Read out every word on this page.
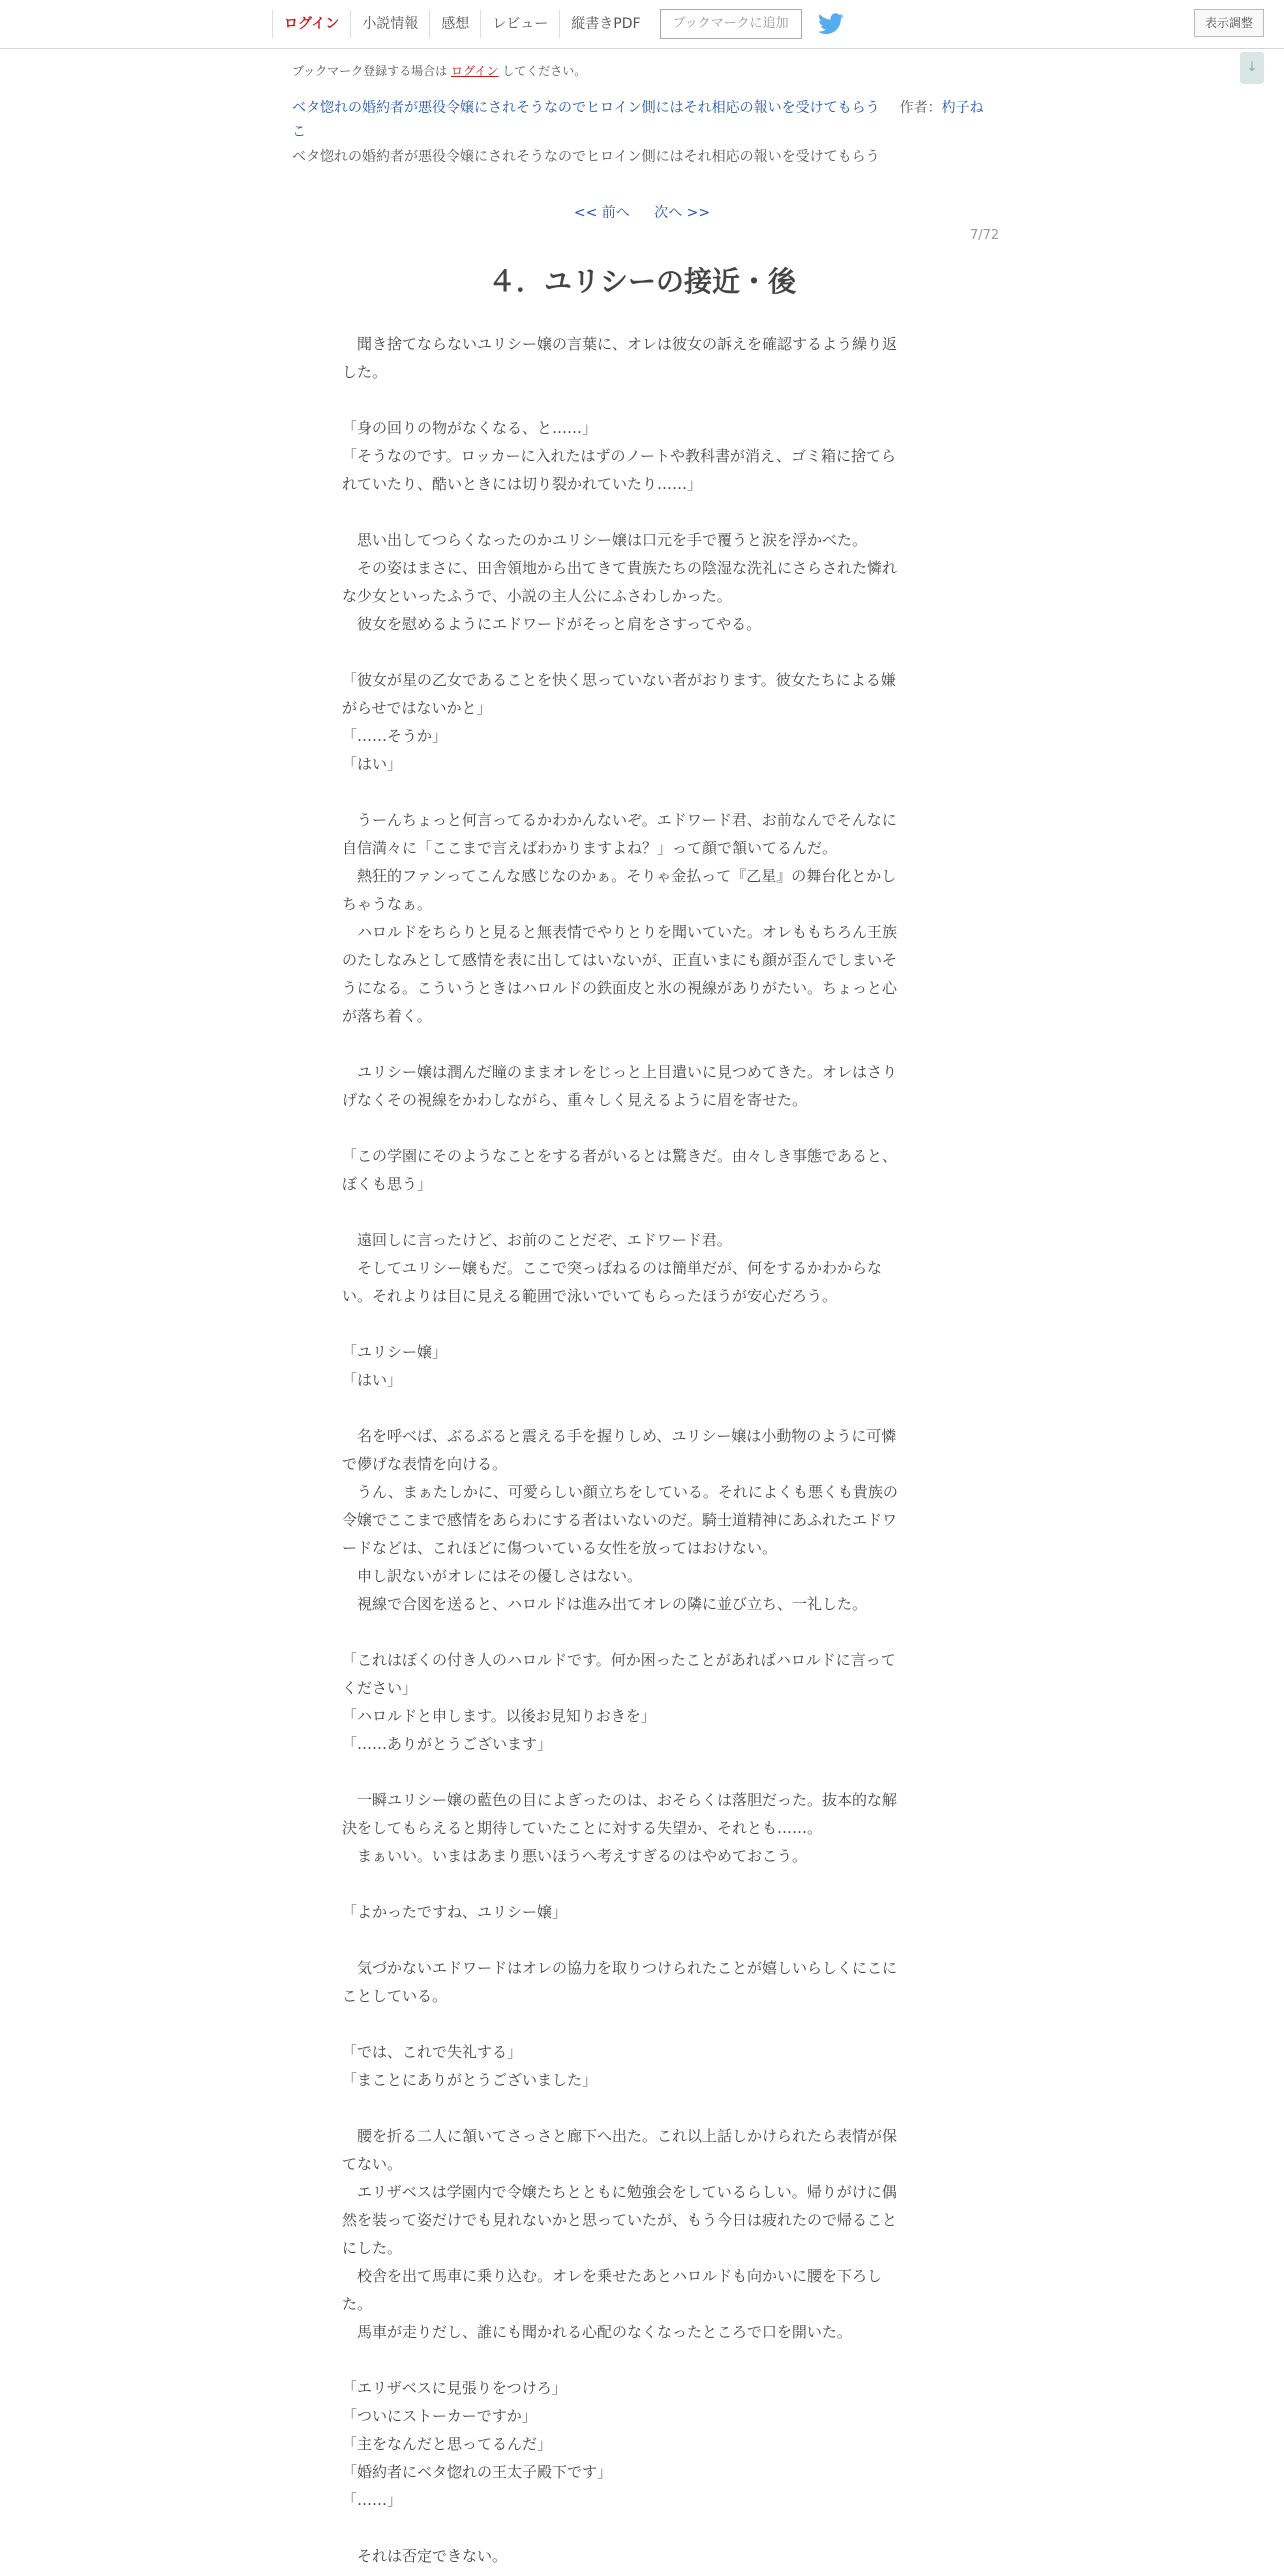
ログイン	小説情報	感想	レビュー	縦書きPDF	ブックマークに追加	表示調整
↓
ブックマーク登録する場合は ログイン してください。
ベタ惚れの婚約者が悪役令嬢にされそうなのでヒロイン側にはそれ相応の報いを受けてもらう 作者：杓子ねこ
ベタ惚れの婚約者が悪役令嬢にされそうなのでヒロイン側にはそれ相応の報いを受けてもらう
<< 前へ 次へ >>
7/72
４．ユリシーの接近・後

　聞き捨てならないユリシー嬢の言葉に、オレは彼女の訴えを確認するよう繰り返

した。

「身の回りの物がなくなる、と……」

「そうなのです。ロッカーに入れたはずのノートや教科書が消え、ゴミ箱に捨てら

れていたり、酷いときには切り裂かれていたり……」

　思い出してつらくなったのかユリシー嬢は口元を手で覆うと涙を浮かべた。

　その姿はまさに、田舎領地から出てきて貴族たちの陰湿な洗礼にさらされた憐れ

な少女といったふうで、小説の主人公にふさわしかった。

　彼女を慰めるようにエドワードがそっと肩をさすってやる。

「彼女が星の乙女であることを快く思っていない者がおります。彼女たちによる嫌

がらせではないかと」

「……そうか」

「はい」

　うーんちょっと何言ってるかわかんないぞ。エドワード君、お前なんでそんなに

自信満々に「ここまで言えばわかりますよね？」って顔で頷いてるんだ。

　熱狂的ファンってこんな感じなのかぁ。そりゃ金払って『乙星』の舞台化とかし

ちゃうなぁ。

　ハロルドをちらりと見ると無表情でやりとりを聞いていた。オレももちろん王族

のたしなみとして感情を表に出してはいないが、正直いまにも顔が歪んでしまいそ

うになる。こういうときはハロルドの鉄面皮と氷の視線がありがたい。ちょっと心

が落ち着く。

　ユリシー嬢は潤んだ瞳のままオレをじっと上目遣いに見つめてきた。オレはさり

げなくその視線をかわしながら、重々しく見えるように眉を寄せた。

「この学園にそのようなことをする者がいるとは驚きだ。由々しき事態であると、

ぼくも思う」

　遠回しに言ったけど、お前のことだぞ、エドワード君。

　そしてユリシー嬢もだ。ここで突っぱねるのは簡単だが、何をするかわからな

い。それよりは目に見える範囲で泳いでいてもらったほうが安心だろう。

「ユリシー嬢」

「はい」

　名を呼べば、ぶるぶると震える手を握りしめ、ユリシー嬢は小動物のように可憐

で儚げな表情を向ける。

　うん、まぁたしかに、可愛らしい顔立ちをしている。それによくも悪くも貴族の

令嬢でここまで感情をあらわにする者はいないのだ。騎士道精神にあふれたエドワ

ードなどは、これほどに傷ついている女性を放ってはおけない。

　申し訳ないがオレにはその優しさはない。

　視線で合図を送ると、ハロルドは進み出てオレの隣に並び立ち、一礼した。

「これはぼくの付き人のハロルドです。何か困ったことがあればハロルドに言って

ください」

「ハロルドと申します。以後お見知りおきを」

「……ありがとうございます」

　一瞬ユリシー嬢の藍色の目によぎったのは、おそらくは落胆だった。抜本的な解

決をしてもらえると期待していたことに対する失望か、それとも……。

　まぁいい。いまはあまり悪いほうへ考えすぎるのはやめておこう。

「よかったですね、ユリシー嬢」

　気づかないエドワードはオレの協力を取りつけられたことが嬉しいらしくにこに

ことしている。

「では、これで失礼する」

「まことにありがとうございました」

　腰を折る二人に頷いてさっさと廊下へ出た。これ以上話しかけられたら表情が保

てない。

　エリザベスは学園内で令嬢たちとともに勉強会をしているらしい。帰りがけに偶

然を装って姿だけでも見れないかと思っていたが、もう今日は疲れたので帰ること

にした。

　校舎を出て馬車に乗り込む。オレを乗せたあとハロルドも向かいに腰を下ろし

た。

　馬車が走りだし、誰にも聞かれる心配のなくなったところで口を開いた。

「エリザベスに見張りをつけろ」

「ついにストーカーですか」

「主をなんだと思ってるんだ」

「婚約者にベタ惚れの王太子殿下です」

「……」

　それは否定できない。
